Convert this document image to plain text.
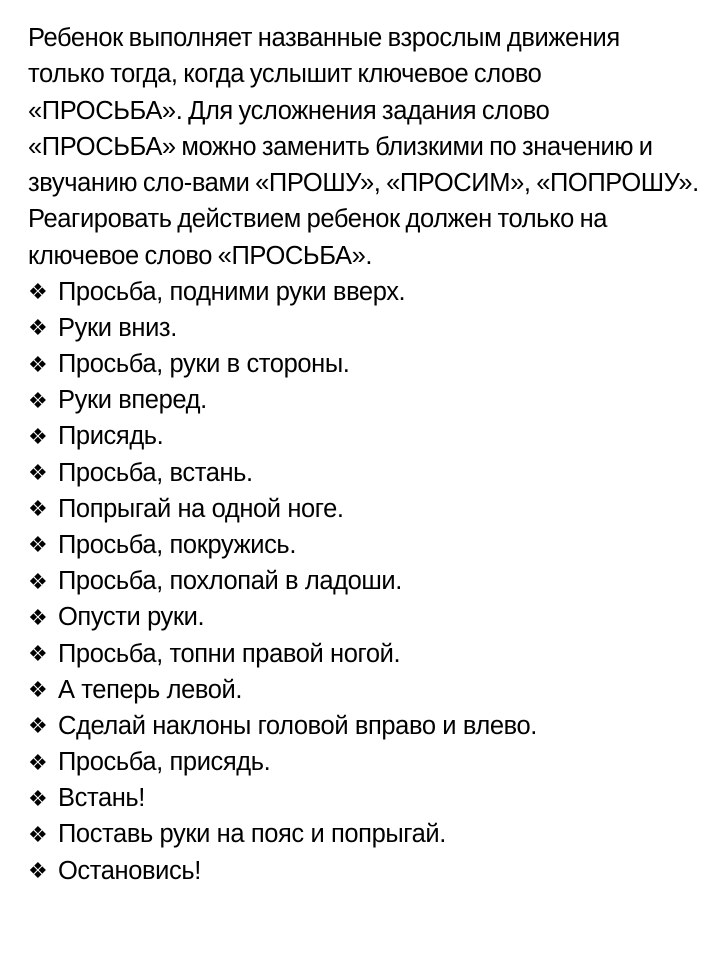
Ребенок выполняет названные взрослым движения только тогда, когда услышит ключевое слово «ПРОСЬБА». Для усложнения задания слово «ПРОСЬБА» можно заменить близкими по значению и звучанию сло-вами «ПРОШУ», «ПРОСИМ», «ПОПРОШУ». Реагировать действием ребенок должен только на ключевое слово «ПРОСЬБА».

❖ Просьба, подними руки вверх.
❖ Руки вниз.
❖ Просьба, руки в стороны.
❖ Руки вперед.
❖ Присядь.
❖ Просьба, встань.
❖ Попрыгай на одной ноге.
❖ Просьба, покружись.
❖ Просьба, похлопай в ладоши.
❖ Опусти руки.
❖ Просьба, топни правой ногой.
❖ А теперь левой.
❖ Сделай наклоны головой вправо и влево.
❖ Просьба, присядь.
❖ Встань!
❖ Поставь руки на пояс и попрыгай.
❖ Остановись!
